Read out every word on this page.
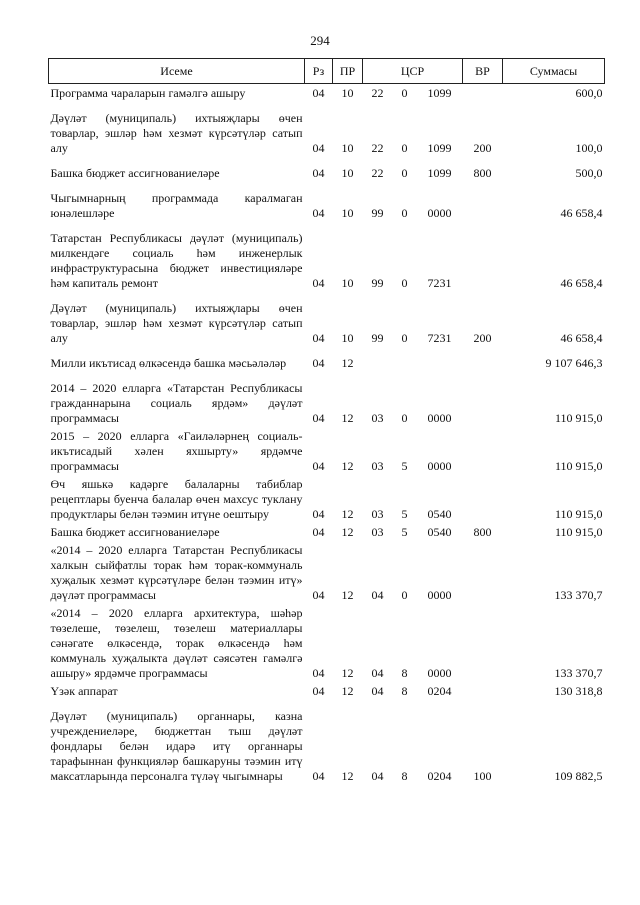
294
Исеме	Рз	ПР	ЦСР			ВР	Суммасы
Программа чараларын гамәлгә ашыру	04	10	22	0	1099		600,0
Дәүләт (муниципаль) ихтыяҗлары өчен товарлар, эшләр һәм хезмәт күрсәтүләр сатып алу	04	10	22	0	1099	200	100,0
Башка бюджет ассигнованиеләре	04	10	22	0	1099	800	500,0
Чыгымнарның программада каралмаган юнәлешләре	04	10	99	0	0000		46 658,4
Татарстан Республикасы дәүләт (муниципаль) милкендәге социаль һәм инженерлык инфраструктурасына бюджет инвестицияләре һәм капиталь ремонт	04	10	99	0	7231		46 658,4
Дәүләт (муниципаль) ихтыяҗлары өчен товарлар, эшләр һәм хезмәт күрсәтүләр сатып алу	04	10	99	0	7231	200	46 658,4
Милли икътисад өлкәсендә башка мәсьәләләр	04	12					9 107 646,3
2014 – 2020 елларга «Татарстан Республикасы гражданнарына социаль ярдәм» дәүләт программасы	04	12	03	0	0000		110 915,0
2015 – 2020 елларга «Гаиләләрнең социаль-икътисадый хәлен яхшырту» ярдәмче программасы	04	12	03	5	0000		110 915,0
Өч яшькә кадәрге балаларны табиблар рецептлары буенча балалар өчен махсус туклану продуктлары белән тәэмин итүне оештыру	04	12	03	5	0540		110 915,0
Башка бюджет ассигнованиеләре	04	12	03	5	0540	800	110 915,0
«2014 – 2020 елларга Татарстан Республикасы халкын сыйфатлы торак һәм торак-коммуналь хуҗалык хезмәт күрсәтүләре белән тәэмин итү» дәүләт программасы	04	12	04	0	0000		133 370,7
«2014 – 2020 елларга архитектура, шәһәр төзелеше, төзелеш, төзелеш материаллары сәнәгате өлкәсендә, торак өлкәсендә һәм коммуналь хуҗалыкта дәүләт сәясәтен гамәлгә ашыру» ярдәмче программасы	04	12	04	8	0000		133 370,7
Үзәк аппарат	04	12	04	8	0204		130 318,8
Дәүләт (муниципаль) органнары, казна учреждениеләре, бюджеттан тыш дәүләт фондлары белән идарә итү органнары тарафыннан функцияләр башкаруны тәэмин итү максатларында персоналга түләү чыгымнары	04	12	04	8	0204	100	109 882,5
